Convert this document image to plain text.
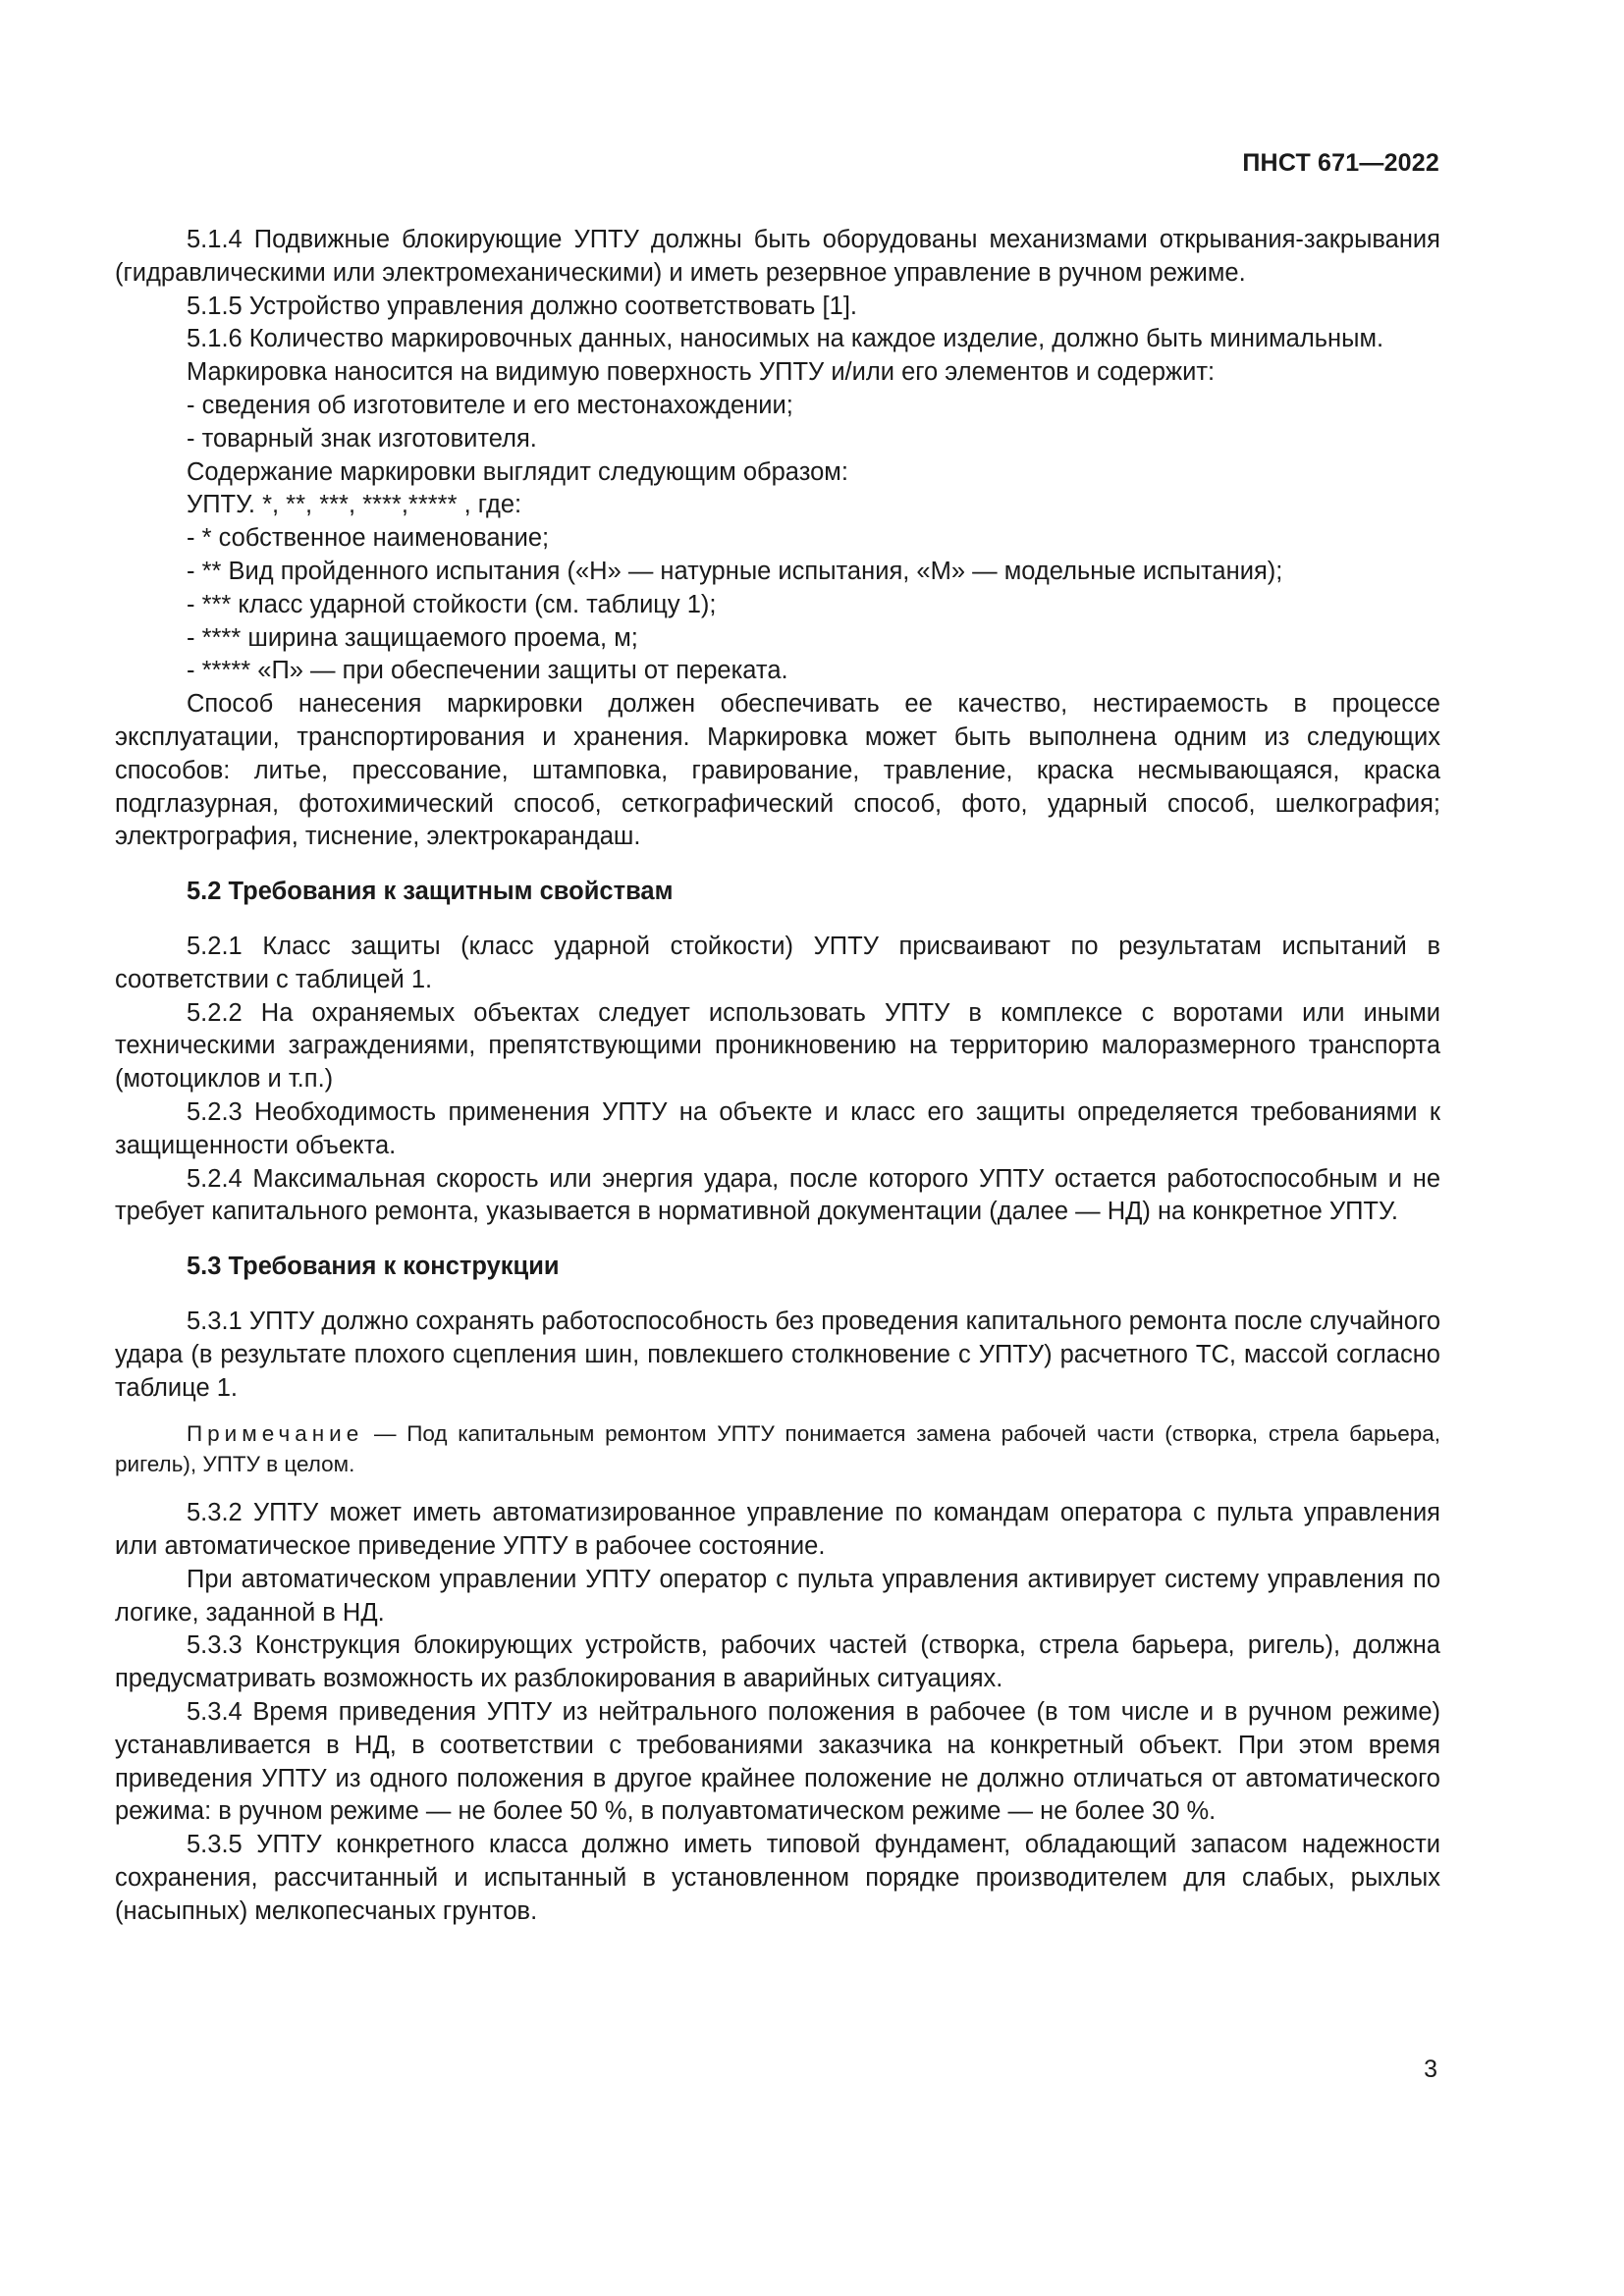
ПНСТ 671—2022

5.1.4 Подвижные блокирующие УПТУ должны быть оборудованы механизмами открывания-закрывания (гидравлическими или электромеханическими) и иметь резервное управление в ручном режиме.

5.1.5 Устройство управления должно соответствовать [1].

5.1.6 Количество маркировочных данных, наносимых на каждое изделие, должно быть минимальным.

Маркировка наносится на видимую поверхность УПТУ и/или его элементов и содержит:

- сведения об изготовителе и его местонахождении;

- товарный знак изготовителя.

Содержание маркировки выглядит следующим образом:

УПТУ. *, **, ***, ****,***** , где:

- * собственное наименование;

- ** Вид пройденного испытания («Н» — натурные испытания, «М» — модельные испытания);

- *** класс ударной стойкости (см. таблицу 1);

- **** ширина защищаемого проема, м;

- ***** «П» — при обеспечении защиты от переката.

Способ нанесения маркировки должен обеспечивать ее качество, нестираемость в процессе эксплуатации, транспортирования и хранения. Маркировка может быть выполнена одним из следующих способов: литье, прессование, штамповка, гравирование, травление, краска несмывающаяся, краска подглазурная, фотохимический способ, сеткографический способ, фото, ударный способ, шелкография; электрография, тиснение, электрокарандаш.

5.2 Требования к защитным свойствам

5.2.1 Класс защиты (класс ударной стойкости) УПТУ присваивают по результатам испытаний в соответствии с таблицей 1.

5.2.2 На охраняемых объектах следует использовать УПТУ в комплексе с воротами или иными техническими заграждениями, препятствующими проникновению на территорию малоразмерного транспорта (мотоциклов и т.п.)

5.2.3 Необходимость применения УПТУ на объекте и класс его защиты определяется требованиями к защищенности объекта.

5.2.4 Максимальная скорость или энергия удара, после которого УПТУ остается работоспособным и не требует капитального ремонта, указывается в нормативной документации (далее — НД) на конкретное УПТУ.

5.3 Требования к конструкции

5.3.1 УПТУ должно сохранять работоспособность без проведения капитального ремонта после случайного удара (в результате плохого сцепления шин, повлекшего столкновение с УПТУ) расчетного ТС, массой согласно таблице 1.

Примечание — Под капитальным ремонтом УПТУ понимается замена рабочей части (створка, стрела барьера, ригель), УПТУ в целом.

5.3.2 УПТУ может иметь автоматизированное управление по командам оператора с пульта управления или автоматическое приведение УПТУ в рабочее состояние.

При автоматическом управлении УПТУ оператор с пульта управления активирует систему управления по логике, заданной в НД.

5.3.3 Конструкция блокирующих устройств, рабочих частей (створка, стрела барьера, ригель), должна предусматривать возможность их разблокирования в аварийных ситуациях.

5.3.4 Время приведения УПТУ из нейтрального положения в рабочее (в том числе и в ручном режиме) устанавливается в НД, в соответствии с требованиями заказчика на конкретный объект. При этом время приведения УПТУ из одного положения в другое крайнее положение не должно отличаться от автоматического режима: в ручном режиме — не более 50 %, в полуавтоматическом режиме — не более 30 %.

5.3.5 УПТУ конкретного класса должно иметь типовой фундамент, обладающий запасом надежности сохранения, рассчитанный и испытанный в установленном порядке производителем для слабых, рыхлых (насыпных) мелкопесчаных грунтов.

3
